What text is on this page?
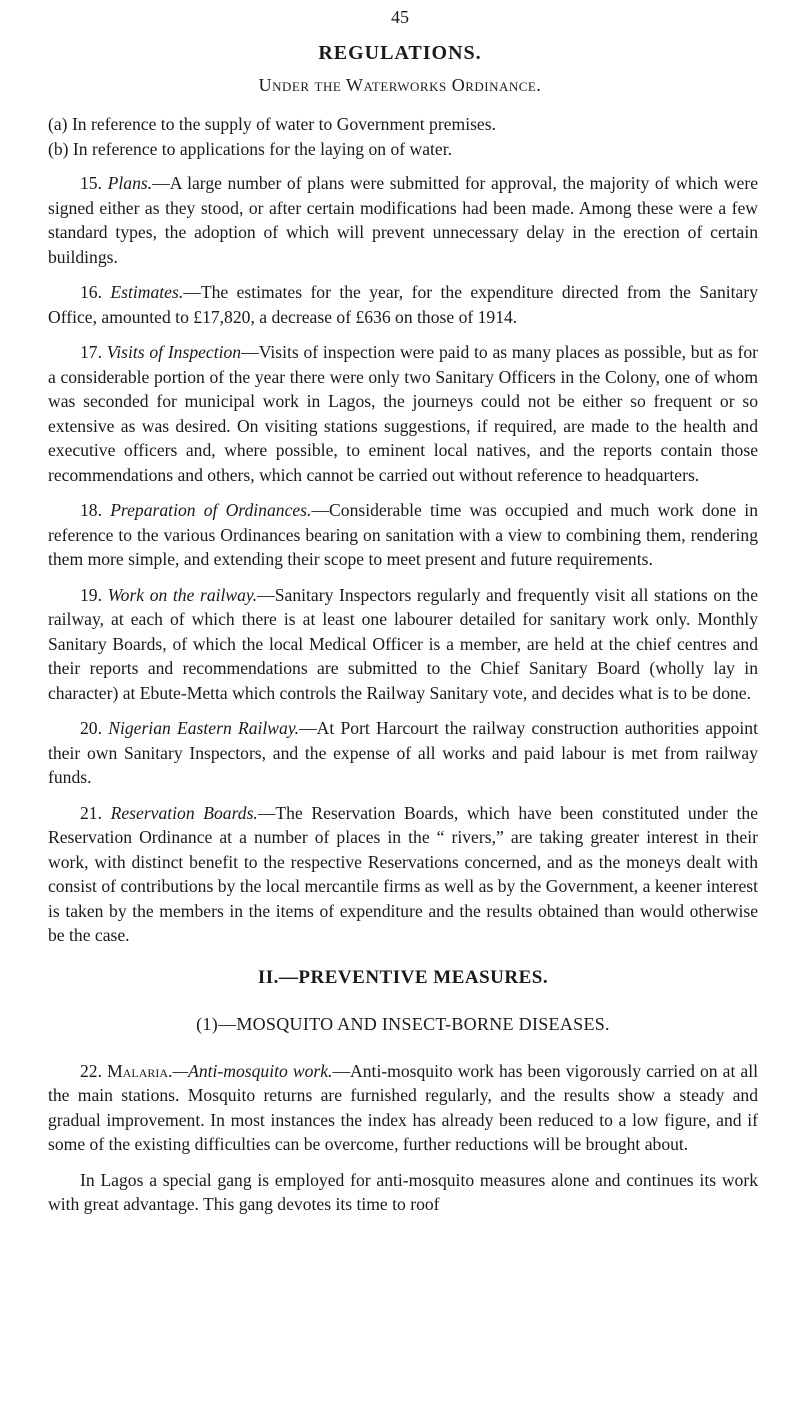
45
REGULATIONS.
Under the Waterworks Ordinance.
(a) In reference to the supply of water to Government premises.
(b) In reference to applications for the laying on of water.

15. Plans.—A large number of plans were submitted for approval, the majority of which were signed either as they stood, or after certain modifications had been made. Among these were a few standard types, the adoption of which will prevent unnecessary delay in the erection of certain buildings.

16. Estimates.—The estimates for the year, for the expenditure directed from the Sanitary Office, amounted to £17,820, a decrease of £636 on those of 1914.

17. Visits of Inspection—Visits of inspection were paid to as many places as possible, but as for a considerable portion of the year there were only two Sanitary Officers in the Colony, one of whom was seconded for municipal work in Lagos, the journeys could not be either so frequent or so extensive as was desired. On visiting stations suggestions, if required, are made to the health and executive officers and, where possible, to eminent local natives, and the reports contain those recommendations and others, which cannot be carried out without reference to headquarters.

18. Preparation of Ordinances.—Considerable time was occupied and much work done in reference to the various Ordinances bearing on sanitation with a view to combining them, rendering them more simple, and extending their scope to meet present and future requirements.

19. Work on the railway.—Sanitary Inspectors regularly and frequently visit all stations on the railway, at each of which there is at least one labourer detailed for sanitary work only. Monthly Sanitary Boards, of which the local Medical Officer is a member, are held at the chief centres and their reports and recommendations are submitted to the Chief Sanitary Board (wholly lay in character) at Ebute-Metta which controls the Railway Sanitary vote, and decides what is to be done.

20. Nigerian Eastern Railway.—At Port Harcourt the railway construction authorities appoint their own Sanitary Inspectors, and the expense of all works and paid labour is met from railway funds.

21. Reservation Boards.—The Reservation Boards, which have been constituted under the Reservation Ordinance at a number of places in the “ rivers,” are taking greater interest in their work, with distinct benefit to the respective Reservations concerned, and as the moneys dealt with consist of contributions by the local mercantile firms as well as by the Government, a keener interest is taken by the members in the items of expenditure and the results obtained than would otherwise be the case.

II.—PREVENTIVE MEASURES.
(1)—MOSQUITO AND INSECT-BORNE DISEASES.

22. Malaria.—Anti-mosquito work.—Anti-mosquito work has been vigorously carried on at all the main stations. Mosquito returns are furnished regularly, and the results show a steady and gradual improvement. In most instances the index has already been reduced to a low figure, and if some of the existing difficulties can be overcome, further reductions will be brought about.

In Lagos a special gang is employed for anti-mosquito measures alone and continues its work with great advantage. This gang devotes its time to roof
